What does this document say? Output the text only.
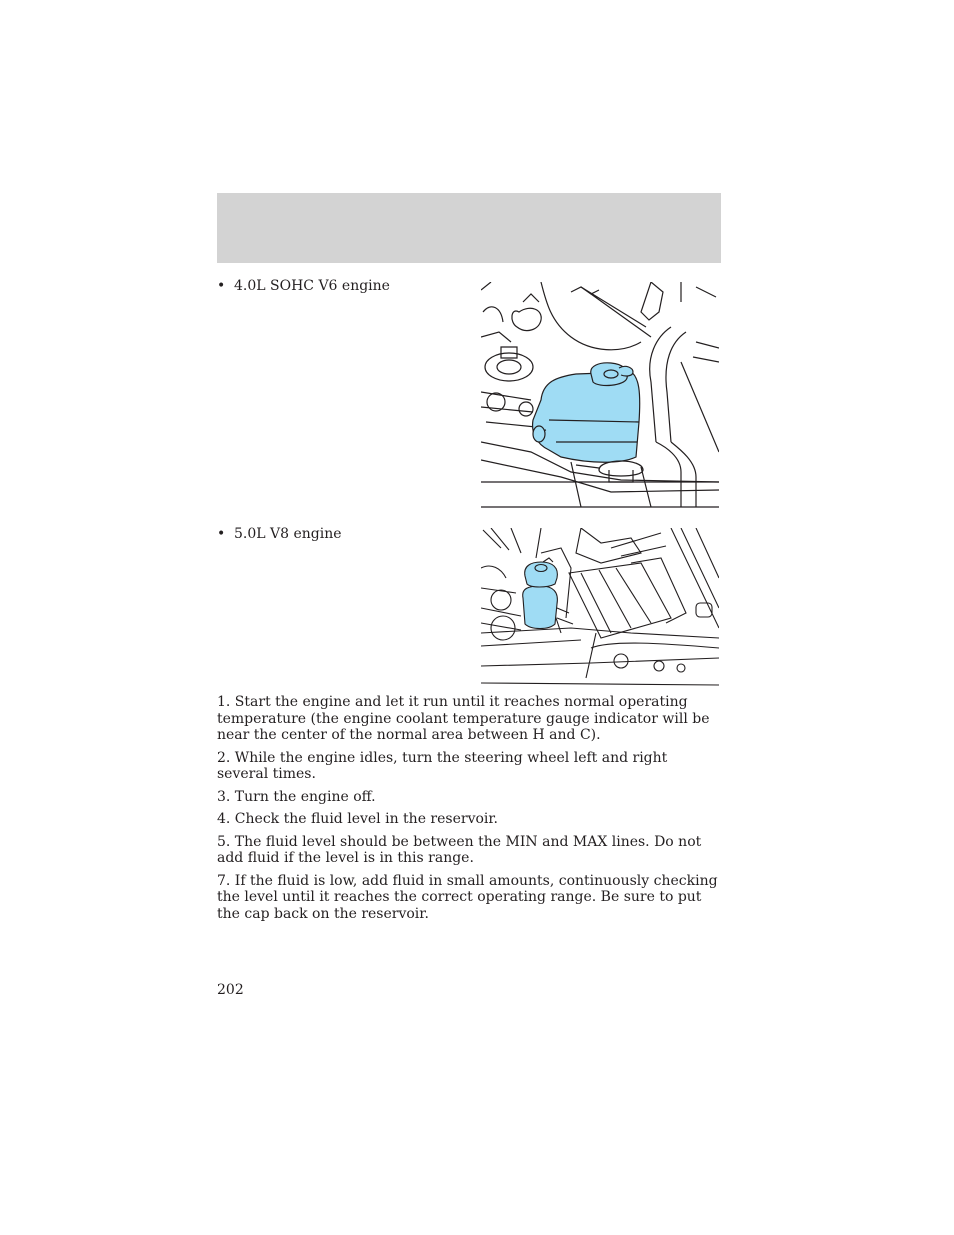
• 4.0L SOHC V6 engine
• 5.0L V8 engine

1. Start the engine and let it run until it reaches normal operating temperature (the engine coolant temperature gauge indicator will be near the center of the normal area between H and C).

2. While the engine idles, turn the steering wheel left and right several times.

3. Turn the engine off.

4. Check the fluid level in the reservoir.

5. The fluid level should be between the MIN and MAX lines. Do not add fluid if the level is in this range.

7. If the fluid is low, add fluid in small amounts, continuously checking the level until it reaches the correct operating range. Be sure to put the cap back on the reservoir.

202
